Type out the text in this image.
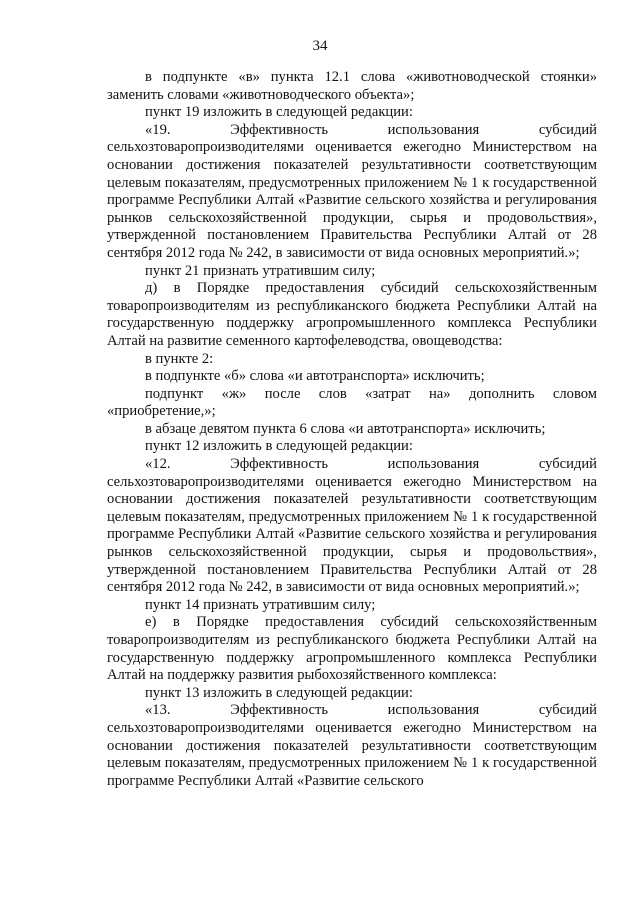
34

в подпункте «в» пункта 12.1 слова «животноводческой стоянки» заменить словами «животноводческого объекта»;

пункт 19 изложить в следующей редакции:

«19. Эффективность использования субсидий сельхозтоваропроизводителями оценивается ежегодно Министерством на основании достижения показателей результативности соответствующим целевым показателям, предусмотренных приложением № 1 к государственной программе Республики Алтай «Развитие сельского хозяйства и регулирования рынков сельскохозяйственной продукции, сырья и продовольствия», утвержденной постановлением Правительства Республики Алтай от 28 сентября 2012 года № 242, в зависимости от вида основных мероприятий.»;

пункт 21 признать утратившим силу;

д) в Порядке предоставления субсидий сельскохозяйственным товаропроизводителям из республиканского бюджета Республики Алтай на государственную поддержку агропромышленного комплекса Республики Алтай на развитие семенного картофелеводства, овощеводства:

в пункте 2:

в подпункте «б» слова «и автотранспорта» исключить;

подпункт «ж» после слов «затрат на» дополнить словом «приобретение,»;

в абзаце девятом пункта 6 слова «и автотранспорта» исключить;

пункт 12 изложить в следующей редакции:

«12. Эффективность использования субсидий сельхозтоваропроизводителями оценивается ежегодно Министерством на основании достижения показателей результативности соответствующим целевым показателям, предусмотренных приложением № 1 к государственной программе Республики Алтай «Развитие сельского хозяйства и регулирования рынков сельскохозяйственной продукции, сырья и продовольствия», утвержденной постановлением Правительства Республики Алтай от 28 сентября 2012 года № 242, в зависимости от вида основных мероприятий.»;

пункт 14 признать утратившим силу;

е) в Порядке предоставления субсидий сельскохозяйственным товаропроизводителям из республиканского бюджета Республики Алтай на государственную поддержку агропромышленного комплекса Республики Алтай на поддержку развития рыбохозяйственного комплекса:

пункт 13 изложить в следующей редакции:

«13. Эффективность использования субсидий сельхозтоваропроизводителями оценивается ежегодно Министерством на основании достижения показателей результативности соответствующим целевым показателям, предусмотренных приложением № 1 к государственной программе Республики Алтай «Развитие сельского
